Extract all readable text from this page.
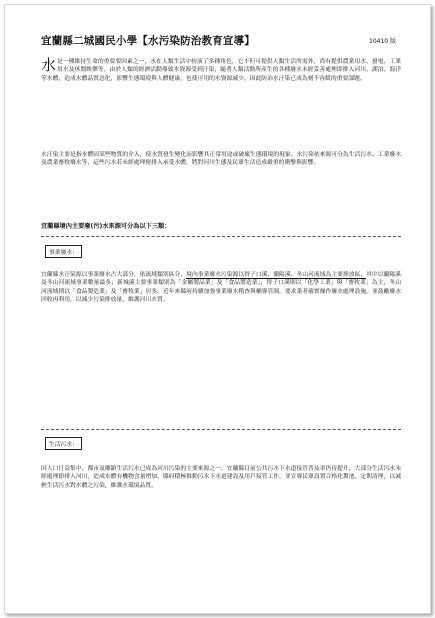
宜蘭縣二城國民小學【水污染防治教育宣導】	10410 版
水 是一種維持生命的重要要因素之一，水在人類生活中扮演了多種角色，它不但可提供人類生活所需外，尚有提供農業用水、發電、工業用水及休閒娛樂等。由於人類的經濟活動導致水資源受到汙染，隨著人類活動所產生的各種廢水未經妥善處理即排入河川、湖泊、海洋等水體，造成水體品質惡化，影響生態環境與人體健康，也使可用的水資源減少，因此防治水汙染已成為刻不容緩的重要課題。
水汙染主要是指水體因某些物質的介入，使水質發生變化而影響其正常用途或破壞生態環境的現象。水污染依來源可分為生活污水、工業廢水及農業畜牧廢水等，這些污水若未經處理便排入承受水體，將對河川生態及民眾生活造成嚴重的衝擊與影響。
宜蘭縣境內主要廢(污)水來源可分為以下三類：
事業廢水：
宜蘭縣水汙染源以事業廢水占大部分，依流域類別區分，境內事業廢水污染源以得子口溪、蘭陽溪、冬山河流域為主要排放區，其中以蘭陽溪及冬山河流域事業數量最多；新城溪主要事業類別為「金屬製品業」及「食品製造業」，得子口溪則以「化學工業」與「畜牧業」為主，冬山河流域則以「食品製造業」及「畜牧業」居多。近年來縣府持續加強事業廢水稽查與輔導管制，要求業者確實操作廢水處理設施，並鼓勵廢水回收再利用，以減少污染排放量，維護河川水質。
生活污水：
因人口日益集中，都市及鄉鎮生活污水已成為河川污染的主要來源之一，宜蘭縣目前公共污水下水道接管普及率仍待提升，大部分生活污水未經處理即排入河川，造成水體有機物含量增加。縣府積極推動污水下水道建設及用戶接管工作，並宣導民眾設置合格化糞池、定期清理，以減輕生活污水對水體之污染，維護水環境品質。
